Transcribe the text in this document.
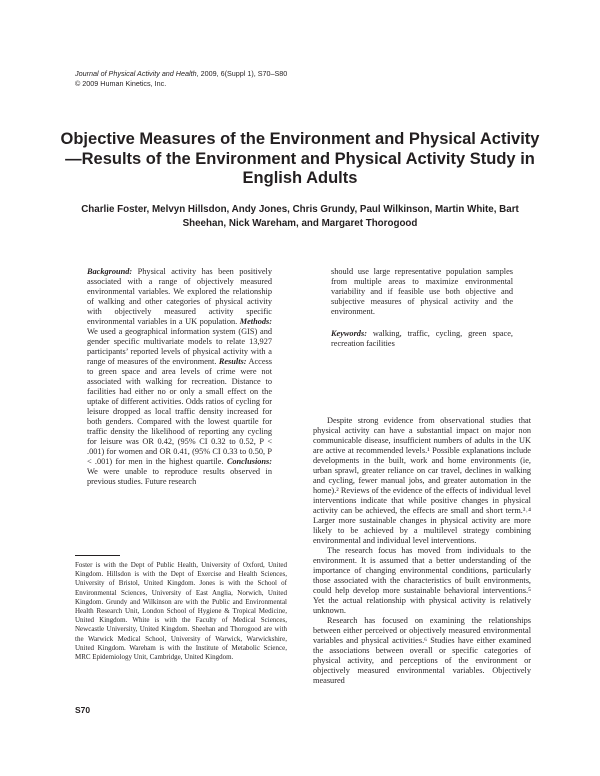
Journal of Physical Activity and Health, 2009, 6(Suppl 1), S70–S80
© 2009 Human Kinetics, Inc.
Objective Measures of the Environment and Physical Activity—Results of the Environment and Physical Activity Study in English Adults
Charlie Foster, Melvyn Hillsdon, Andy Jones, Chris Grundy, Paul Wilkinson, Martin White, Bart Sheehan, Nick Wareham, and Margaret Thorogood

Background: Physical activity has been positively associated with a range of objectively measured environmental variables. We explored the relationship of walking and other categories of physical activity with objectively measured activity specific environmental variables in a UK population. Methods: We used a geographical information system (GIS) and gender specific multivariate models to relate 13,927 participants’ reported levels of physical activity with a range of measures of the environment. Results: Access to green space and area levels of crime were not associated with walking for recreation. Distance to facilities had either no or only a small effect on the uptake of different activities. Odds ratios of cycling for leisure dropped as local traffic density increased for both genders. Compared with the lowest quartile for traffic density the likelihood of reporting any cycling for leisure was OR 0.42, (95% CI 0.32 to 0.52, P < .001) for women and OR 0.41, (95% CI 0.33 to 0.50, P < .001) for men in the highest quartile. Conclusions: We were unable to reproduce results observed in previous studies. Future research

should use large representative population samples from multiple areas to maximize environmental variability and if feasible use both objective and subjective measures of physical activity and the environment.

Keywords: walking, traffic, cycling, green space, recreation facilities

Despite strong evidence from observational studies that physical activity can have a substantial impact on major non communicable disease, insufficient numbers of adults in the UK are active at recommended levels.¹ Possible explanations include developments in the built, work and home environments (ie, urban sprawl, greater reliance on car travel, declines in walking and cycling, fewer manual jobs, and greater automation in the home).² Reviews of the evidence of the effects of individual level interventions indicate that while positive changes in physical activity can be achieved, the effects are small and short term.³˒⁴ Larger more sustainable changes in physical activity are more likely to be achieved by a multilevel strategy combining environmental and individual level interventions.

The research focus has moved from individuals to the environment. It is assumed that a better understanding of the importance of changing environmental conditions, particularly those associated with the characteristics of built environments, could help develop more sustainable behavioral interventions.⁵ Yet the actual relationship with physical activity is relatively unknown.

Research has focused on examining the relationships between either perceived or objectively measured environmental variables and physical activities.⁶ Studies have either examined the associations between overall or specific categories of physical activity, and perceptions of the environment or objectively measured environmental variables. Objectively measured

Foster is with the Dept of Public Health, University of Oxford, United Kingdom. Hillsdon is with the Dept of Exercise and Health Sciences, University of Bristol, United Kingdom. Jones is with the School of Environmental Sciences, University of East Anglia, Norwich, United Kingdom. Grundy and Wilkinson are with the Public and Environmental Health Research Unit, London School of Hygiene & Tropical Medicine, United Kingdom. White is with the Faculty of Medical Sciences, Newcastle University, United Kingdom. Sheehan and Thorogood are with the Warwick Medical School, University of Warwick, Warwickshire, United Kingdom. Wareham is with the Institute of Metabolic Science, MRC Epidemiology Unit, Cambridge, United Kingdom.
S70
